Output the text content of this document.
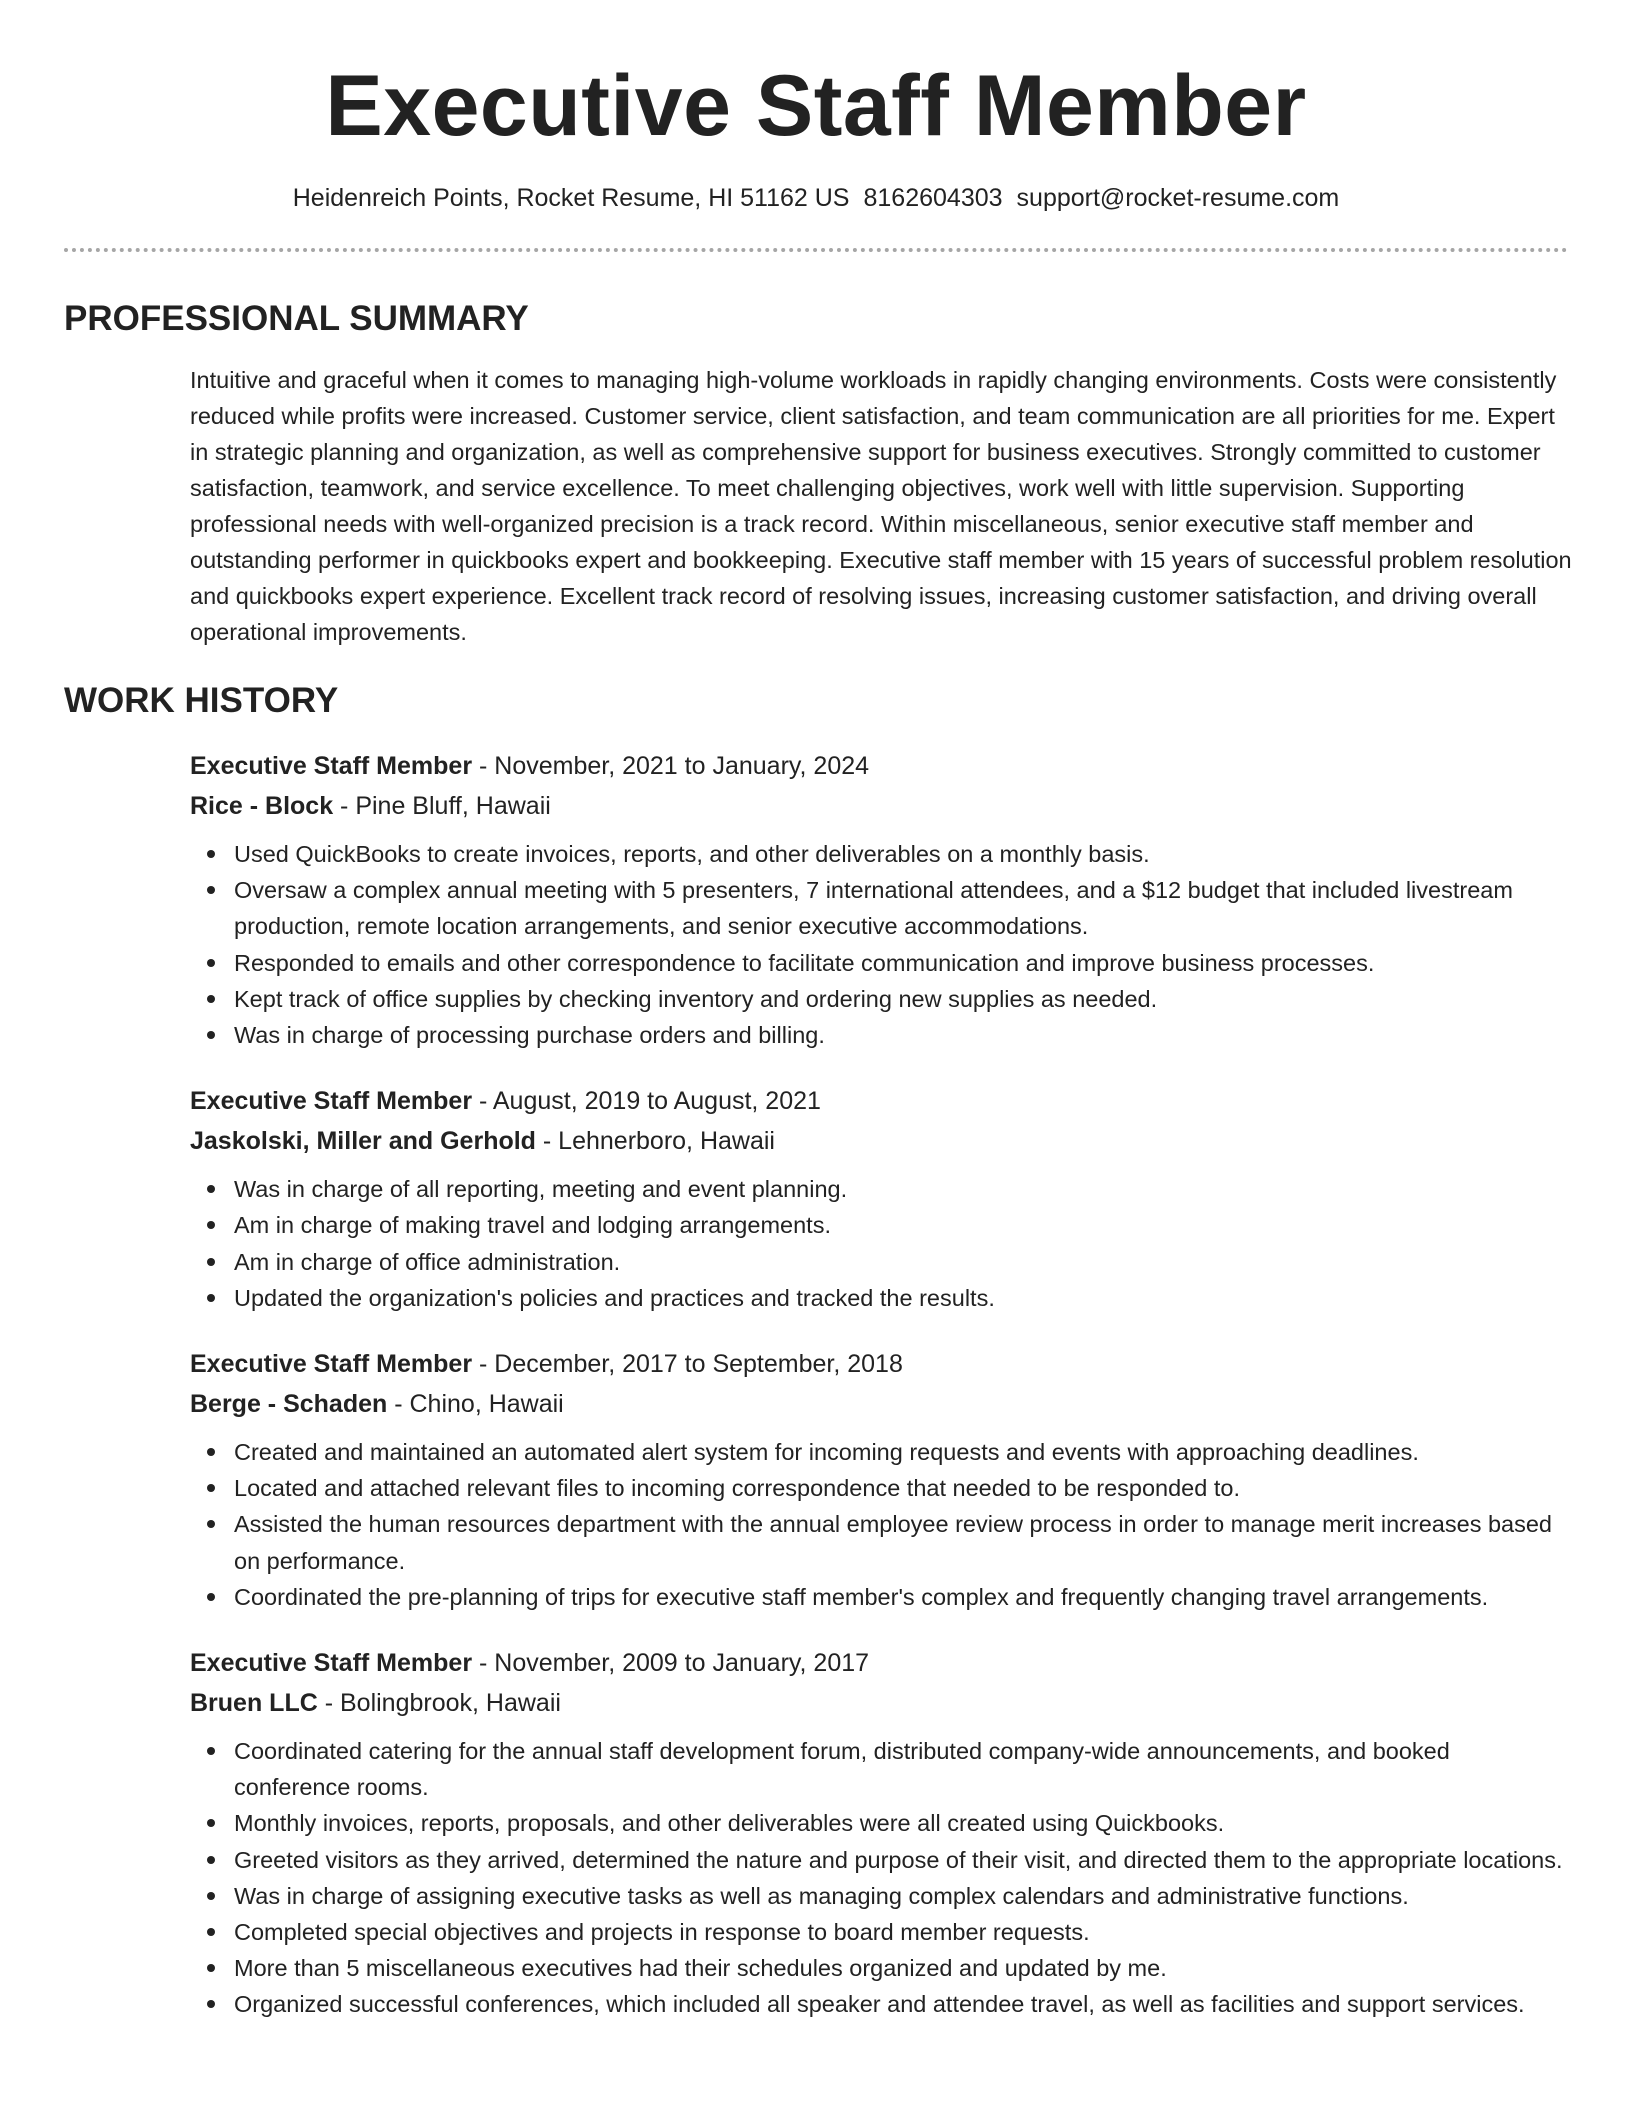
Executive Staff Member
Heidenreich Points, Rocket Resume, HI 51162 US 8162604303 support@rocket-resume.com
PROFESSIONAL SUMMARY
Intuitive and graceful when it comes to managing high-volume workloads in rapidly changing environments. Costs were consistently reduced while profits were increased. Customer service, client satisfaction, and team communication are all priorities for me. Expert in strategic planning and organization, as well as comprehensive support for business executives. Strongly committed to customer satisfaction, teamwork, and service excellence. To meet challenging objectives, work well with little supervision. Supporting professional needs with well-organized precision is a track record. Within miscellaneous, senior executive staff member and outstanding performer in quickbooks expert and bookkeeping. Executive staff member with 15 years of successful problem resolution and quickbooks expert experience. Excellent track record of resolving issues, increasing customer satisfaction, and driving overall operational improvements.
WORK HISTORY
Executive Staff Member - November, 2021 to January, 2024
Rice - Block - Pine Bluff, Hawaii
Used QuickBooks to create invoices, reports, and other deliverables on a monthly basis.
Oversaw a complex annual meeting with 5 presenters, 7 international attendees, and a $12 budget that included livestream production, remote location arrangements, and senior executive accommodations.
Responded to emails and other correspondence to facilitate communication and improve business processes.
Kept track of office supplies by checking inventory and ordering new supplies as needed.
Was in charge of processing purchase orders and billing.
Executive Staff Member - August, 2019 to August, 2021
Jaskolski, Miller and Gerhold - Lehnerboro, Hawaii
Was in charge of all reporting, meeting and event planning.
Am in charge of making travel and lodging arrangements.
Am in charge of office administration.
Updated the organization's policies and practices and tracked the results.
Executive Staff Member - December, 2017 to September, 2018
Berge - Schaden - Chino, Hawaii
Created and maintained an automated alert system for incoming requests and events with approaching deadlines.
Located and attached relevant files to incoming correspondence that needed to be responded to.
Assisted the human resources department with the annual employee review process in order to manage merit increases based on performance.
Coordinated the pre-planning of trips for executive staff member's complex and frequently changing travel arrangements.
Executive Staff Member - November, 2009 to January, 2017
Bruen LLC - Bolingbrook, Hawaii
Coordinated catering for the annual staff development forum, distributed company-wide announcements, and booked conference rooms.
Monthly invoices, reports, proposals, and other deliverables were all created using Quickbooks.
Greeted visitors as they arrived, determined the nature and purpose of their visit, and directed them to the appropriate locations.
Was in charge of assigning executive tasks as well as managing complex calendars and administrative functions.
Completed special objectives and projects in response to board member requests.
More than 5 miscellaneous executives had their schedules organized and updated by me.
Organized successful conferences, which included all speaker and attendee travel, as well as facilities and support services.
